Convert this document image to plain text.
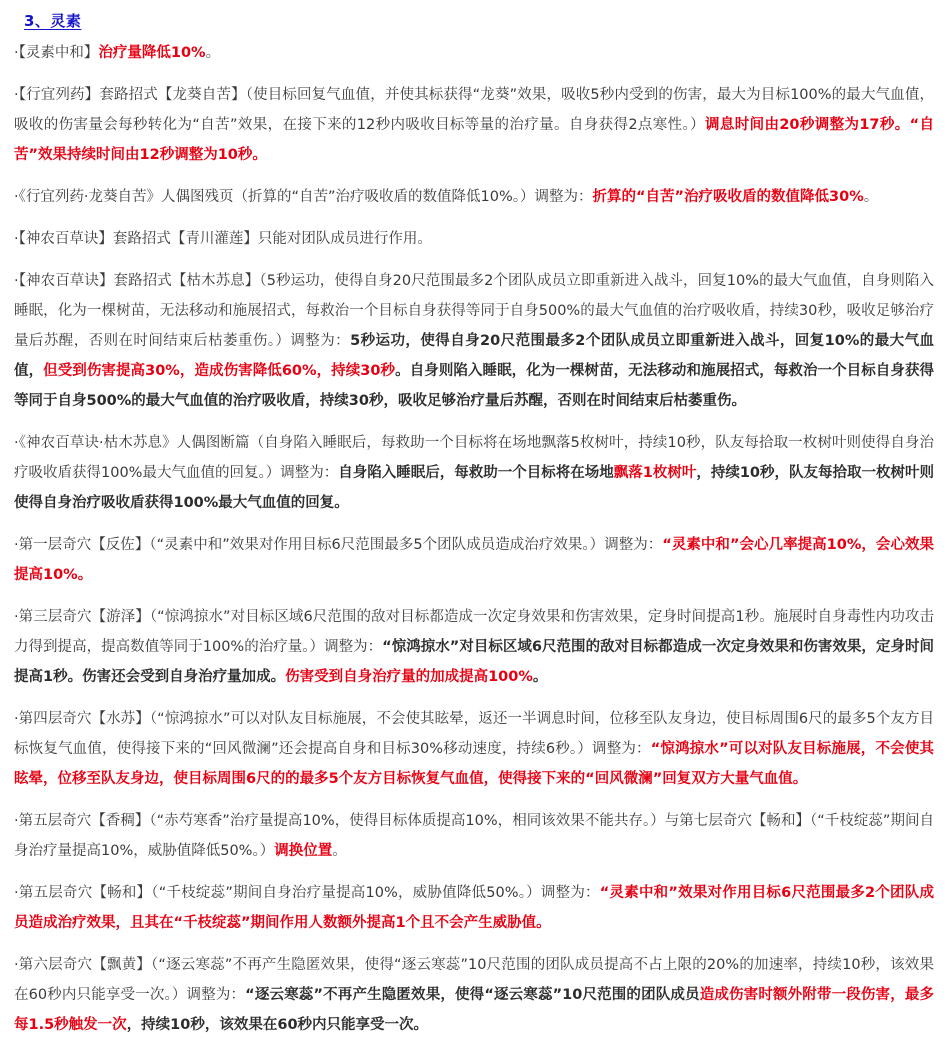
3、灵素

·【灵素中和】治疗量降低10%。

·【行宜列药】套路招式【龙葵自苦】（使目标回复气血值，并使其标获得“龙葵”效果，吸收5秒内受到的伤害，最大为目标100%的最大气血值，吸收的伤害量会每秒转化为“自苦”效果，在接下来的12秒内吸收目标等量的治疗量。自身获得2点寒性。）调息时间由20秒调整为17秒。“自苦”效果持续时间由12秒调整为10秒。

·《行宜列药·龙葵自苦》人偶图残页（折算的“自苦”治疗吸收盾的数值降低10%。）调整为：折算的“自苦”治疗吸收盾的数值降低30%。

·【神农百草诀】套路招式【青川灌莲】只能对团队成员进行作用。

·【神农百草诀】套路招式【枯木苏息】（5秒运功，使得自身20尺范围最多2个团队成员立即重新进入战斗，回复10%的最大气血值，自身则陷入睡眠，化为一棵树苗，无法移动和施展招式，每救治一个目标自身获得等同于自身500%的最大气血值的治疗吸收盾，持续30秒，吸收足够治疗量后苏醒，否则在时间结束后枯萎重伤。）调整为：5秒运功，使得自身20尺范围最多2个团队成员立即重新进入战斗，回复10%的最大气血值，但受到伤害提高30%，造成伤害降低60%，持续30秒。自身则陷入睡眠，化为一棵树苗，无法移动和施展招式，每救治一个目标自身获得等同于自身500%的最大气血值的治疗吸收盾，持续30秒，吸收足够治疗量后苏醒，否则在时间结束后枯萎重伤。

·《神农百草诀·枯木苏息》人偶图断篇（自身陷入睡眠后，每救助一个目标将在场地飘落5枚树叶，持续10秒，队友每拾取一枚树叶则使得自身治疗吸收盾获得100%最大气血值的回复。）调整为：自身陷入睡眠后，每救助一个目标将在场地飘落1枚树叶，持续10秒，队友每拾取一枚树叶则使得自身治疗吸收盾获得100%最大气血值的回复。

·第一层奇穴【反佐】（“灵素中和”效果对作用目标6尺范围最多5个团队成员造成治疗效果。）调整为：“灵素中和”会心几率提高10%，会心效果提高10%。

·第三层奇穴【游泽】（“惊鸿掠水”对目标区域6尺范围的敌对目标都造成一次定身效果和伤害效果，定身时间提高1秒。施展时自身毒性内功攻击力得到提高，提高数值等同于100%的治疗量。）调整为：“惊鸿掠水”对目标区域6尺范围的敌对目标都造成一次定身效果和伤害效果，定身时间提高1秒。伤害还会受到自身治疗量加成。伤害受到自身治疗量的加成提高100%。

·第四层奇穴【水苏】（“惊鸿掠水”可以对队友目标施展，不会使其眩晕，返还一半调息时间，位移至队友身边，使目标周围6尺的最多5个友方目标恢复气血值，使得接下来的“回风微澜”还会提高自身和目标30%移动速度，持续6秒。）调整为：“惊鸿掠水”可以对队友目标施展，不会使其眩晕，位移至队友身边，使目标周围6尺的的最多5个友方目标恢复气血值，使得接下来的“回风微澜”回复双方大量气血值。

·第五层奇穴【香稠】（“赤芍寒香”治疗量提高10%，使得目标体质提高10%，相同该效果不能共存。）与第七层奇穴【畅和】（“千枝绽蕊”期间自身治疗量提高10%，威胁值降低50%。）调换位置。

·第五层奇穴【畅和】（“千枝绽蕊”期间自身治疗量提高10%，威胁值降低50%。）调整为：“灵素中和”效果对作用目标6尺范围最多2个团队成员造成治疗效果，且其在“千枝绽蕊”期间作用人数额外提高1个且不会产生威胁值。

·第六层奇穴【飘黄】（“逐云寒蕊”不再产生隐匿效果，使得“逐云寒蕊”10尺范围的团队成员提高不占上限的20%的加速率，持续10秒，该效果在60秒内只能享受一次。）调整为：“逐云寒蕊”不再产生隐匿效果，使得“逐云寒蕊”10尺范围的团队成员造成伤害时额外附带一段伤害，最多每1.5秒触发一次，持续10秒，该效果在60秒内只能享受一次。
